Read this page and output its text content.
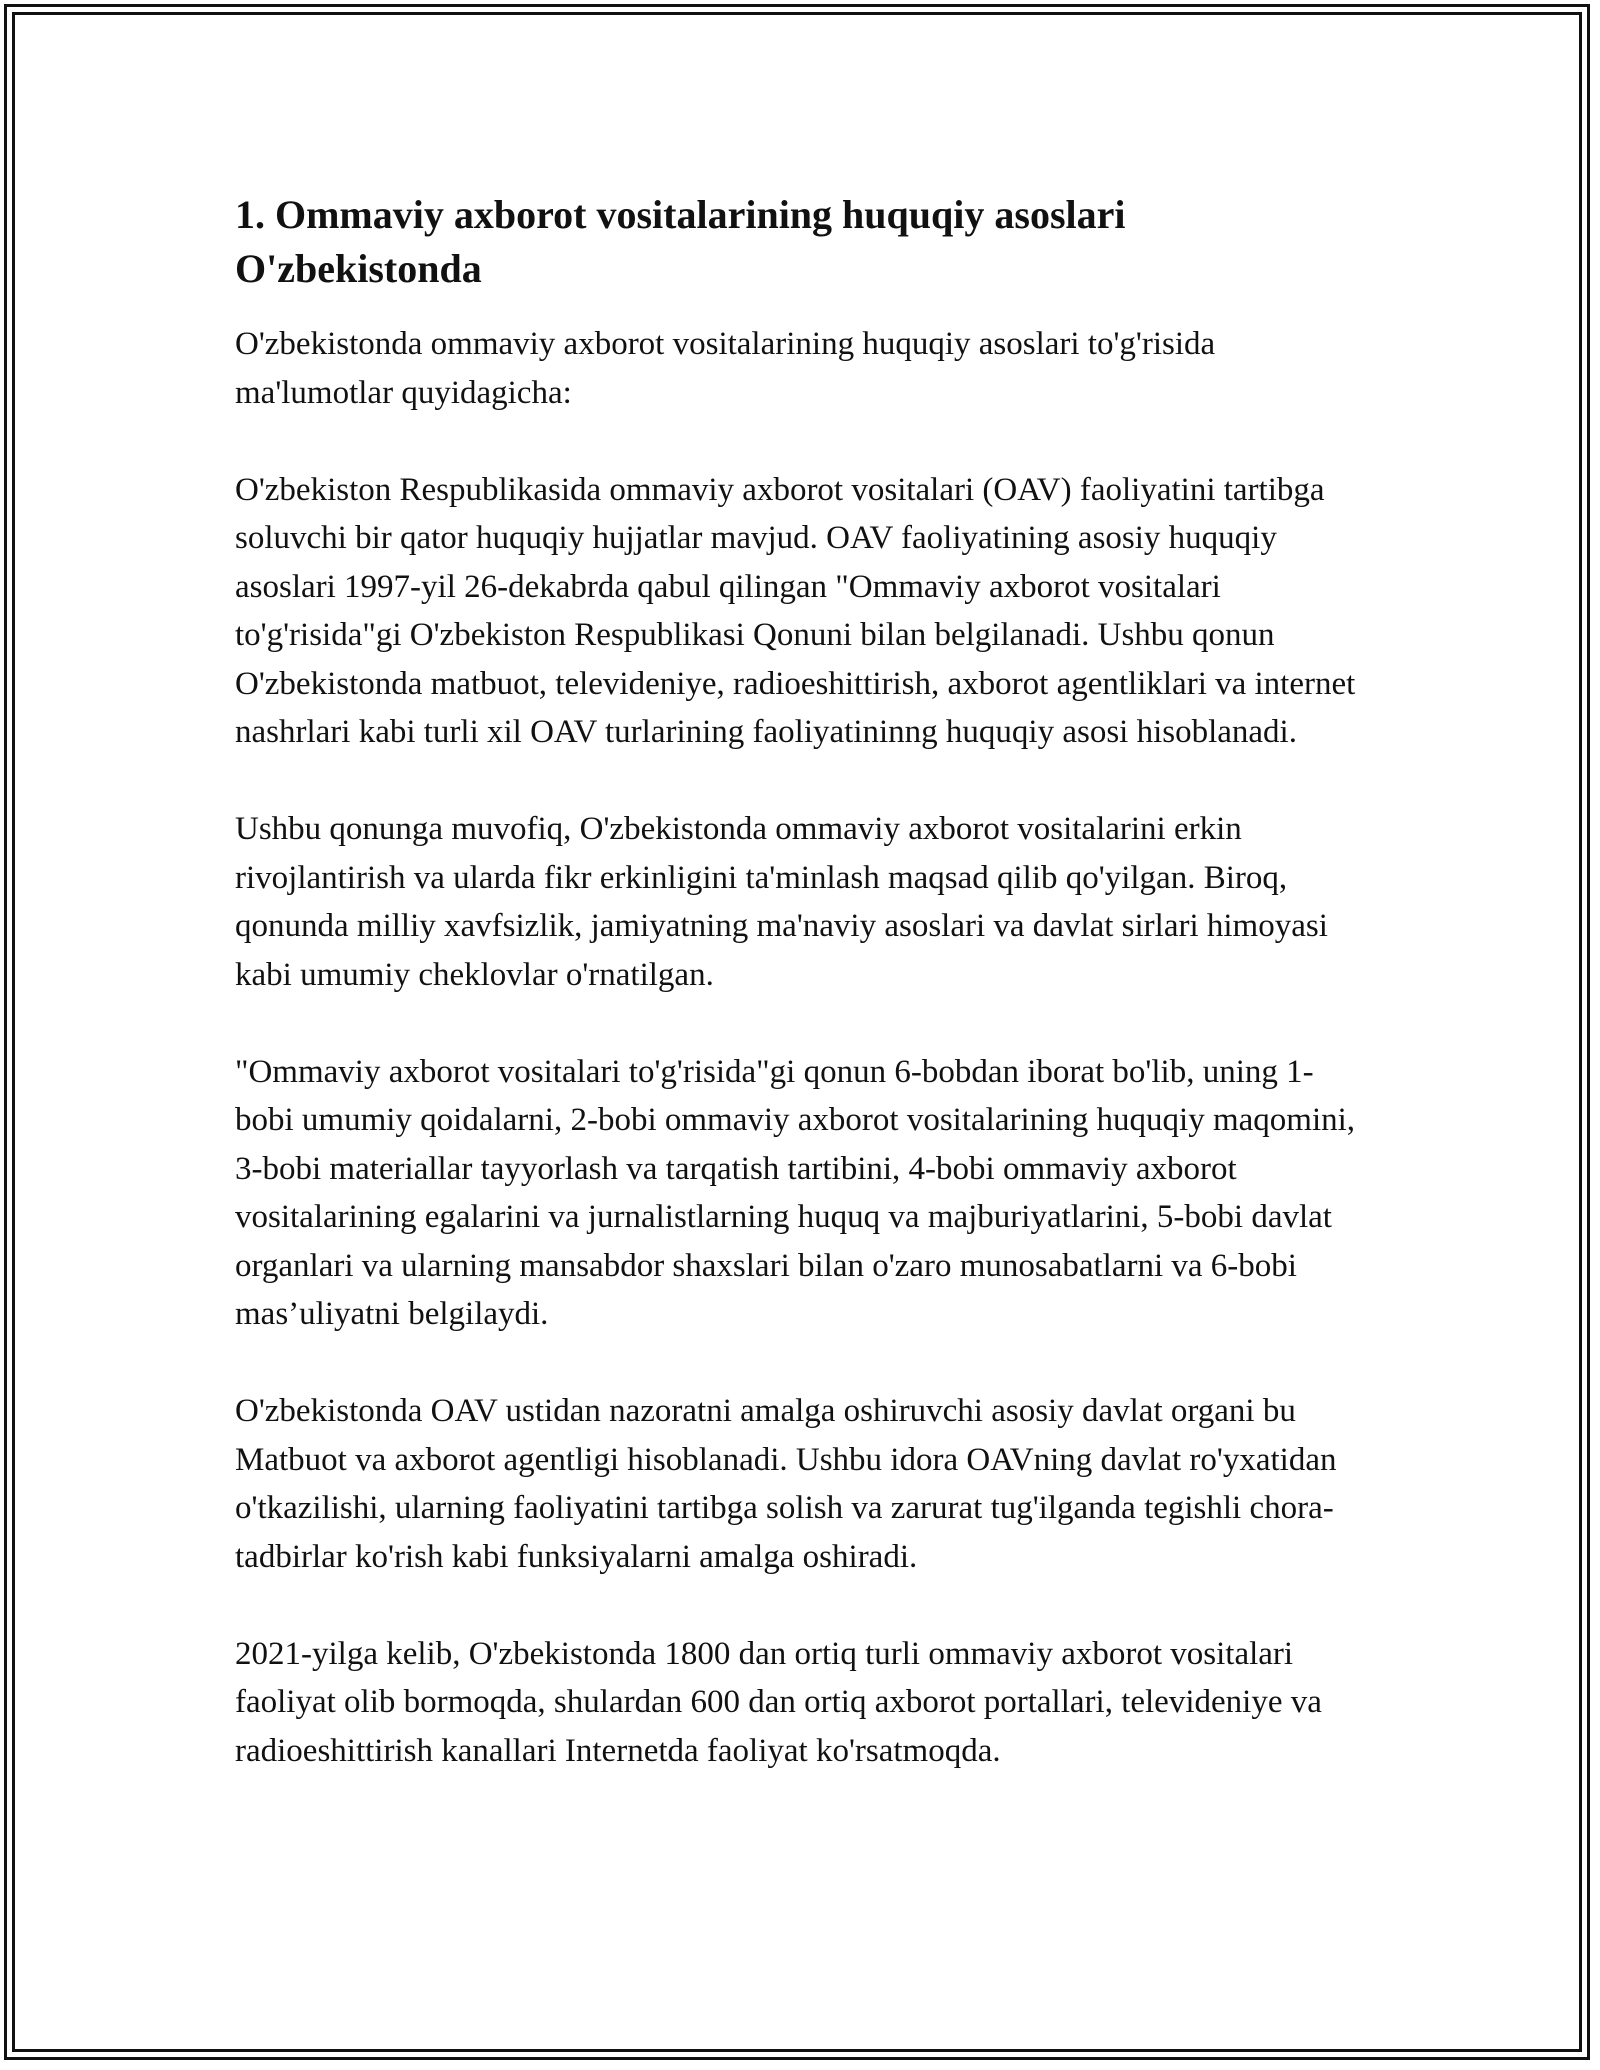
1. Ommaviy axborot vositalarining huquqiy asoslari O'zbekistonda

O'zbekistonda ommaviy axborot vositalarining huquqiy asoslari to'g'risida ma'lumotlar quyidagicha:

O'zbekiston Respublikasida ommaviy axborot vositalari (OAV) faoliyatini tartibga soluvchi bir qator huquqiy hujjatlar mavjud. OAV faoliyatining asosiy huquqiy asoslari 1997-yil 26-dekabrda qabul qilingan "Ommaviy axborot vositalari to'g'risida"gi O'zbekiston Respublikasi Qonuni bilan belgilanadi. Ushbu qonun O'zbekistonda matbuot, televideniye, radioeshittirish, axborot agentliklari va internet nashrlari kabi turli xil OAV turlarining faoliyatininng huquqiy asosi hisoblanadi.

Ushbu qonunga muvofiq, O'zbekistonda ommaviy axborot vositalarini erkin rivojlantirish va ularda fikr erkinligini ta'minlash maqsad qilib qo'yilgan. Biroq, qonunda milliy xavfsizlik, jamiyatning ma'naviy asoslari va davlat sirlari himoyasi kabi umumiy cheklovlar o'rnatilgan.

"Ommaviy axborot vositalari to'g'risida"gi qonun 6-bobdan iborat bo'lib, uning 1-bobi umumiy qoidalarni, 2-bobi ommaviy axborot vositalarining huquqiy maqomini, 3-bobi materiallar tayyorlash va tarqatish tartibini, 4-bobi ommaviy axborot vositalarining egalarini va jurnalistlarning huquq va majburiyatlarini, 5-bobi davlat organlari va ularning mansabdor shaxslari bilan o'zaro munosabatlarni va 6-bobi mas’uliyatni belgilaydi.

O'zbekistonda OAV ustidan nazoratni amalga oshiruvchi asosiy davlat organi bu Matbuot va axborot agentligi hisoblanadi. Ushbu idora OAVning davlat ro'yxatidan o'tkazilishi, ularning faoliyatini tartibga solish va zarurat tug'ilganda tegishli chora-tadbirlar ko'rish kabi funksiyalarni amalga oshiradi.

2021-yilga kelib, O'zbekistonda 1800 dan ortiq turli ommaviy axborot vositalari faoliyat olib bormoqda, shulardan 600 dan ortiq axborot portallari, televideniye va radioeshittirish kanallari Internetda faoliyat ko'rsatmoqda.
